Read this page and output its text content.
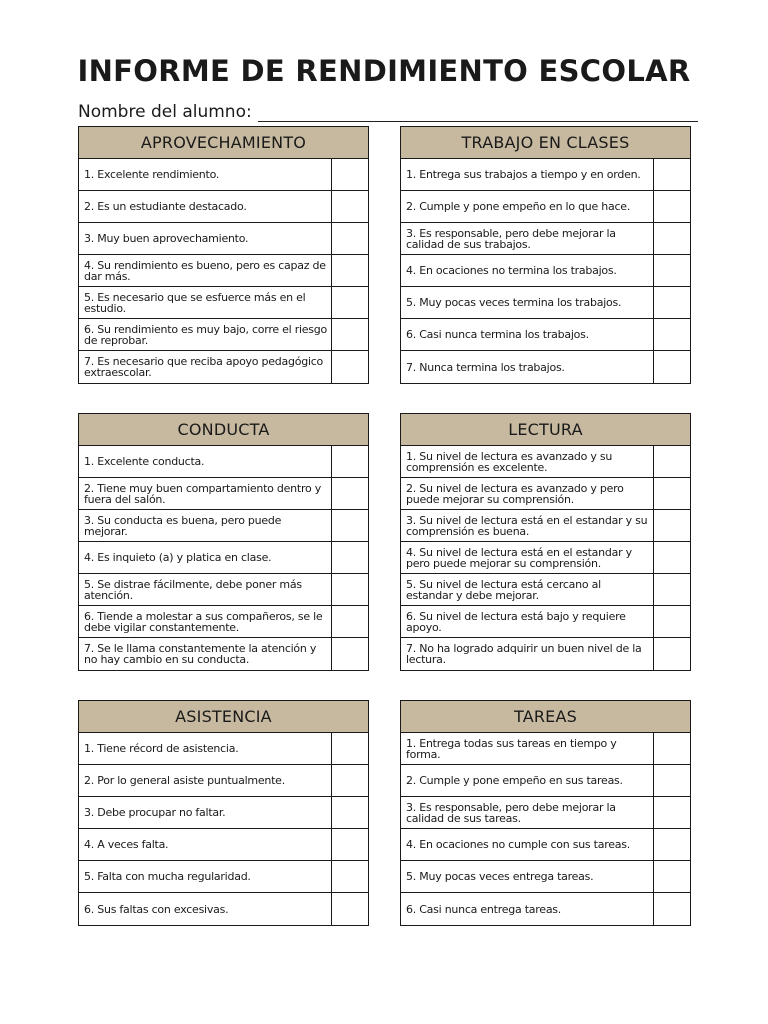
INFORME DE RENDIMIENTO ESCOLAR
Nombre del alumno:
APROVECHAMIENTO
1. Excelente rendimiento.
2. Es un estudiante destacado.
3. Muy buen aprovechamiento.
4. Su rendimiento es bueno, pero es capaz de dar más.
5. Es necesario que se esfuerce más en el estudio.
6. Su rendimiento es muy bajo, corre el riesgo de reprobar.
7. Es necesario que reciba apoyo pedagógico extraescolar.
TRABAJO EN CLASES
1. Entrega sus trabajos a tiempo y en orden.
2. Cumple y pone empeño en lo que hace.
3. Es responsable, pero debe mejorar la calidad de sus trabajos.
4. En ocaciones no termina los trabajos.
5. Muy pocas veces termina los trabajos.
6. Casi nunca termina los trabajos.
7. Nunca termina los trabajos.
CONDUCTA
1. Excelente conducta.
2. Tiene muy buen compartamiento dentro y fuera del salón.
3. Su conducta es buena, pero puede mejorar.
4. Es inquieto (a) y platica en clase.
5. Se distrae fácilmente, debe poner más atención.
6. Tiende a molestar a sus compañeros, se le debe vigilar constantemente.
7. Se le llama constantemente la atención y no hay cambio en su conducta.
LECTURA
1. Su nivel de lectura es avanzado y su comprensión es excelente.
2. Su nivel de lectura es avanzado y pero puede mejorar su comprensión.
3. Su nivel de lectura está en el estandar y su comprensión es buena.
4. Su nivel de lectura está en el estandar y pero puede mejorar su comprensión.
5. Su nivel de lectura está cercano al estandar y debe mejorar.
6. Su nivel de lectura está bajo y requiere apoyo.
7. No ha logrado adquirir un buen nivel de la lectura.
ASISTENCIA
1. Tiene récord de asistencia.
2. Por lo general asiste puntualmente.
3. Debe procupar no faltar.
4. A veces falta.
5. Falta con mucha regularidad.
6. Sus faltas con excesivas.
TAREAS
1. Entrega todas sus tareas en tiempo y forma.
2. Cumple y pone empeño en sus tareas.
3. Es responsable, pero debe mejorar la calidad de sus tareas.
4. En ocaciones no cumple con sus tareas.
5. Muy pocas veces entrega tareas.
6. Casi nunca entrega tareas.
